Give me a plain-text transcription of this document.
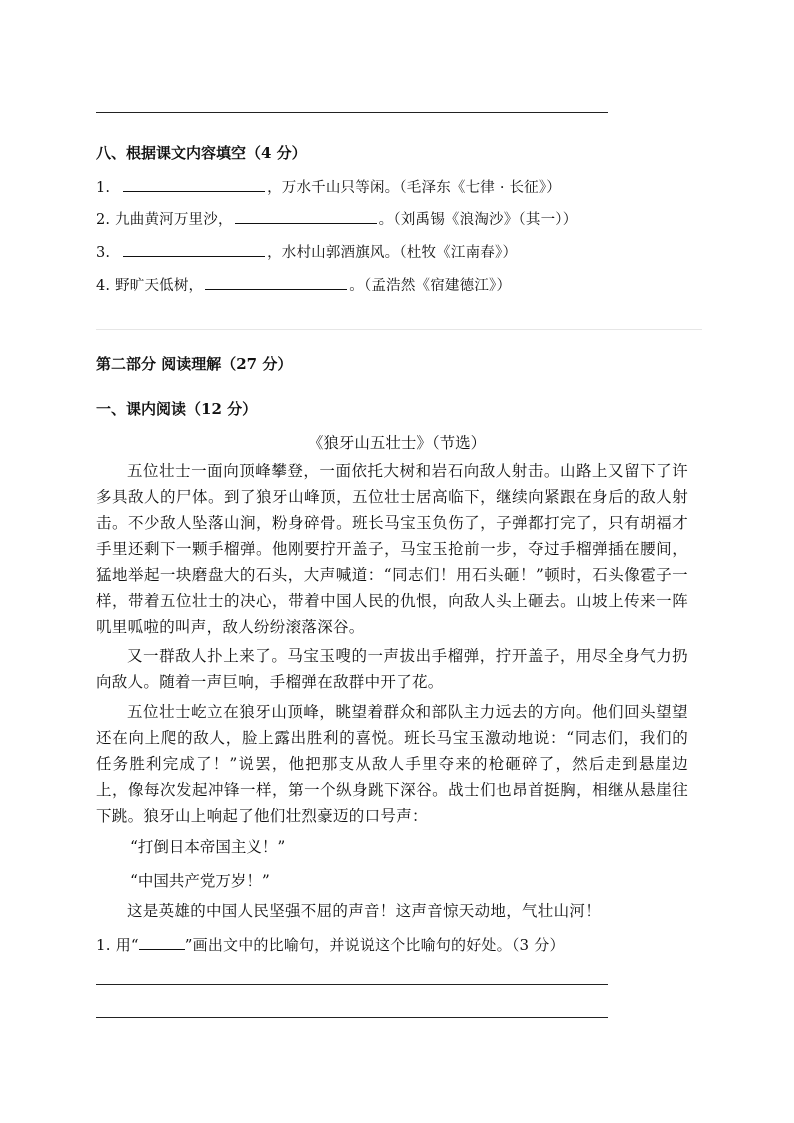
八、根据课文内容填空（4 分）
1.	，万水千山只等闲。（毛泽东《七律 · 长征》）
2. 九曲黄河万里沙，	。（刘禹锡《浪淘沙》（其一））
3.	，水村山郭酒旗风。（杜牧《江南春》）
4. 野旷天低树，	。（孟浩然《宿建德江》）
第二部分 阅读理解（27 分）
一、课内阅读（12 分）
《狼牙山五壮士》（节选）
五位壮士一面向顶峰攀登，一面依托大树和岩石向敌人射击。山路上又留下了许多具敌人的尸体。到了狼牙山峰顶，五位壮士居高临下，继续向紧跟在身后的敌人射击。不少敌人坠落山涧，粉身碎骨。班长马宝玉负伤了，子弹都打完了，只有胡福才手里还剩下一颗手榴弹。他刚要拧开盖子，马宝玉抢前一步，夺过手榴弹插在腰间，猛地举起一块磨盘大的石头，大声喊道：“同志们！用石头砸！”顿时，石头像雹子一样，带着五位壮士的决心，带着中国人民的仇恨，向敌人头上砸去。山坡上传来一阵叽里呱啦的叫声，敌人纷纷滚落深谷。
又一群敌人扑上来了。马宝玉嗖的一声拔出手榴弹，拧开盖子，用尽全身气力扔向敌人。随着一声巨响，手榴弹在敌群中开了花。
五位壮士屹立在狼牙山顶峰，眺望着群众和部队主力远去的方向。他们回头望望还在向上爬的敌人，脸上露出胜利的喜悦。班长马宝玉激动地说：“同志们，我们的任务胜利完成了！”说罢，他把那支从敌人手里夺来的枪砸碎了，然后走到悬崖边上，像每次发起冲锋一样，第一个纵身跳下深谷。战士们也昂首挺胸，相继从悬崖往下跳。狼牙山上响起了他们壮烈豪迈的口号声：
“打倒日本帝国主义！”
“中国共产党万岁！”
这是英雄的中国人民坚强不屈的声音！这声音惊天动地，气壮山河！
1. 用“	”画出文中的比喻句，并说说这个比喻句的好处。（3 分）
